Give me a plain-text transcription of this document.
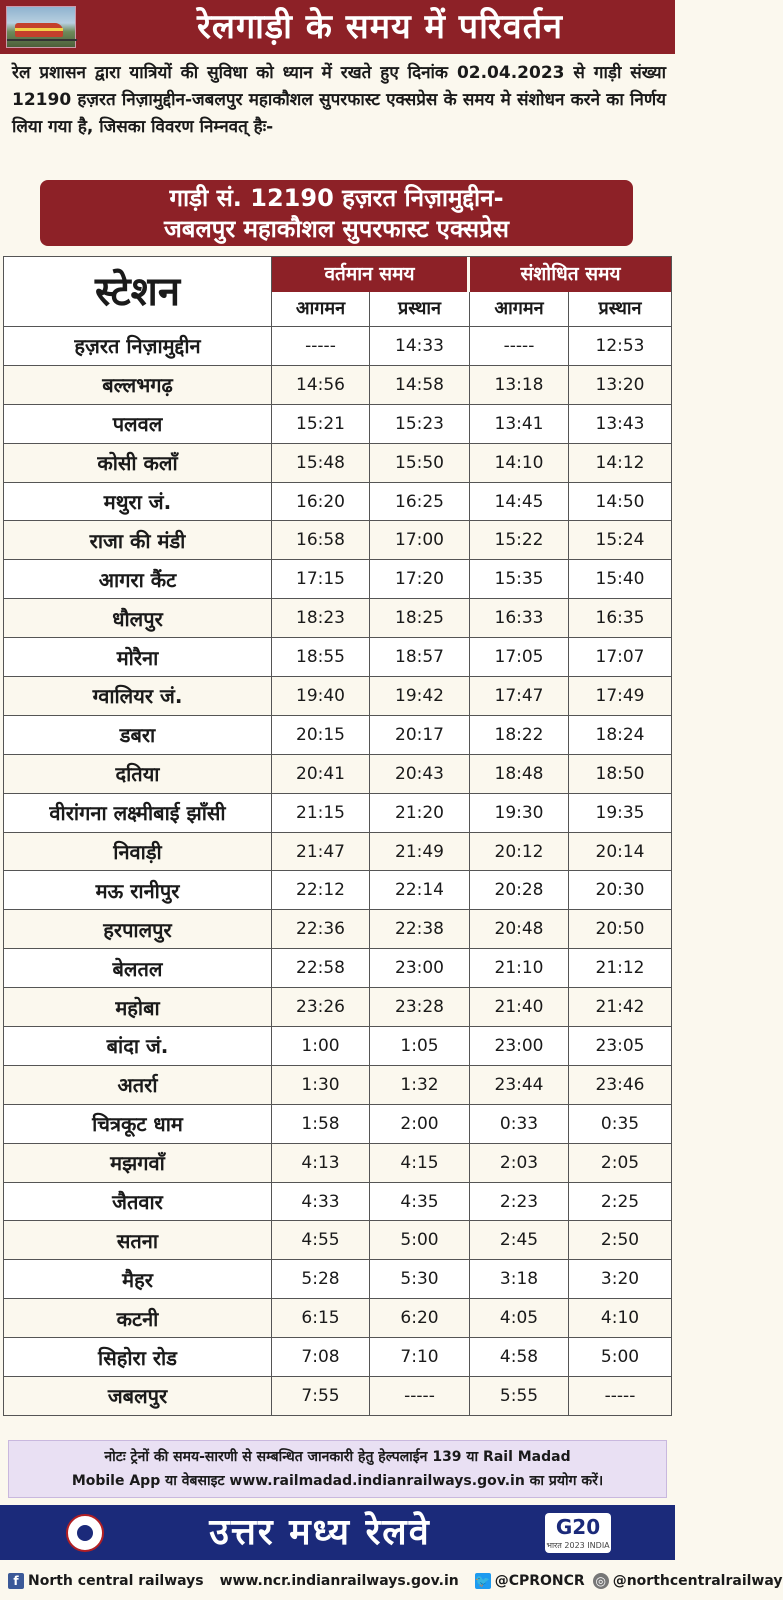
रेलगाड़ी के समय में परिवर्तन
रेल प्रशासन द्वारा यात्रियों की सुविधा को ध्यान में रखते हुए दिनांक 02.04.2023 से गाड़ी संख्या 12190 हज़रत निज़ामुद्दीन-जबलपुर महाकौशल सुपरफास्ट एक्सप्रेस के समय मे संशोधन करने का निर्णय लिया गया है, जिसका विवरण निम्नवत् हैः-
गाड़ी सं. 12190 हज़रत निज़ामुद्दीन-
जबलपुर महाकौशल सुपरफास्ट एक्सप्रेस
स्टेशन	वर्तमान समय	संशोधित समय
आगमन	प्रस्थान	आगमन	प्रस्थान
हज़रत निज़ामुद्दीन	-----	14:33	-----	12:53
बल्लभगढ़	14:56	14:58	13:18	13:20
पलवल	15:21	15:23	13:41	13:43
कोसी कलाँ	15:48	15:50	14:10	14:12
मथुरा जं.	16:20	16:25	14:45	14:50
राजा की मंडी	16:58	17:00	15:22	15:24
आगरा कैंट	17:15	17:20	15:35	15:40
धौलपुर	18:23	18:25	16:33	16:35
मोरैना	18:55	18:57	17:05	17:07
ग्वालियर जं.	19:40	19:42	17:47	17:49
डबरा	20:15	20:17	18:22	18:24
दतिया	20:41	20:43	18:48	18:50
वीरांगना लक्ष्मीबाई झाँसी	21:15	21:20	19:30	19:35
निवाड़ी	21:47	21:49	20:12	20:14
मऊ रानीपुर	22:12	22:14	20:28	20:30
हरपालपुर	22:36	22:38	20:48	20:50
बेलतल	22:58	23:00	21:10	21:12
महोबा	23:26	23:28	21:40	21:42
बांदा जं.	1:00	1:05	23:00	23:05
अतर्रा	1:30	1:32	23:44	23:46
चित्रकूट धाम	1:58	2:00	0:33	0:35
मझगवाँ	4:13	4:15	2:03	2:05
जैतवार	4:33	4:35	2:23	2:25
सतना	4:55	5:00	2:45	2:50
मैहर	5:28	5:30	3:18	3:20
कटनी	6:15	6:20	4:05	4:10
सिहोरा रोड	7:08	7:10	4:58	5:00
जबलपुर	7:55	-----	5:55	-----
नोटः ट्रेनों की समय-सारणी से सम्बन्धित जानकारी हेतु हेल्पलाईन 139 या Rail Madad
Mobile App या वेबसाइट www.railmadad.indianrailways.gov.in का प्रयोग करें।
उत्तर मध्य रेलवे	G20
भारत 2023 INDIA
f North central railways www.ncr.indianrailways.gov.in 🐦 @CPRONCR ◎ @northcentralrailway
